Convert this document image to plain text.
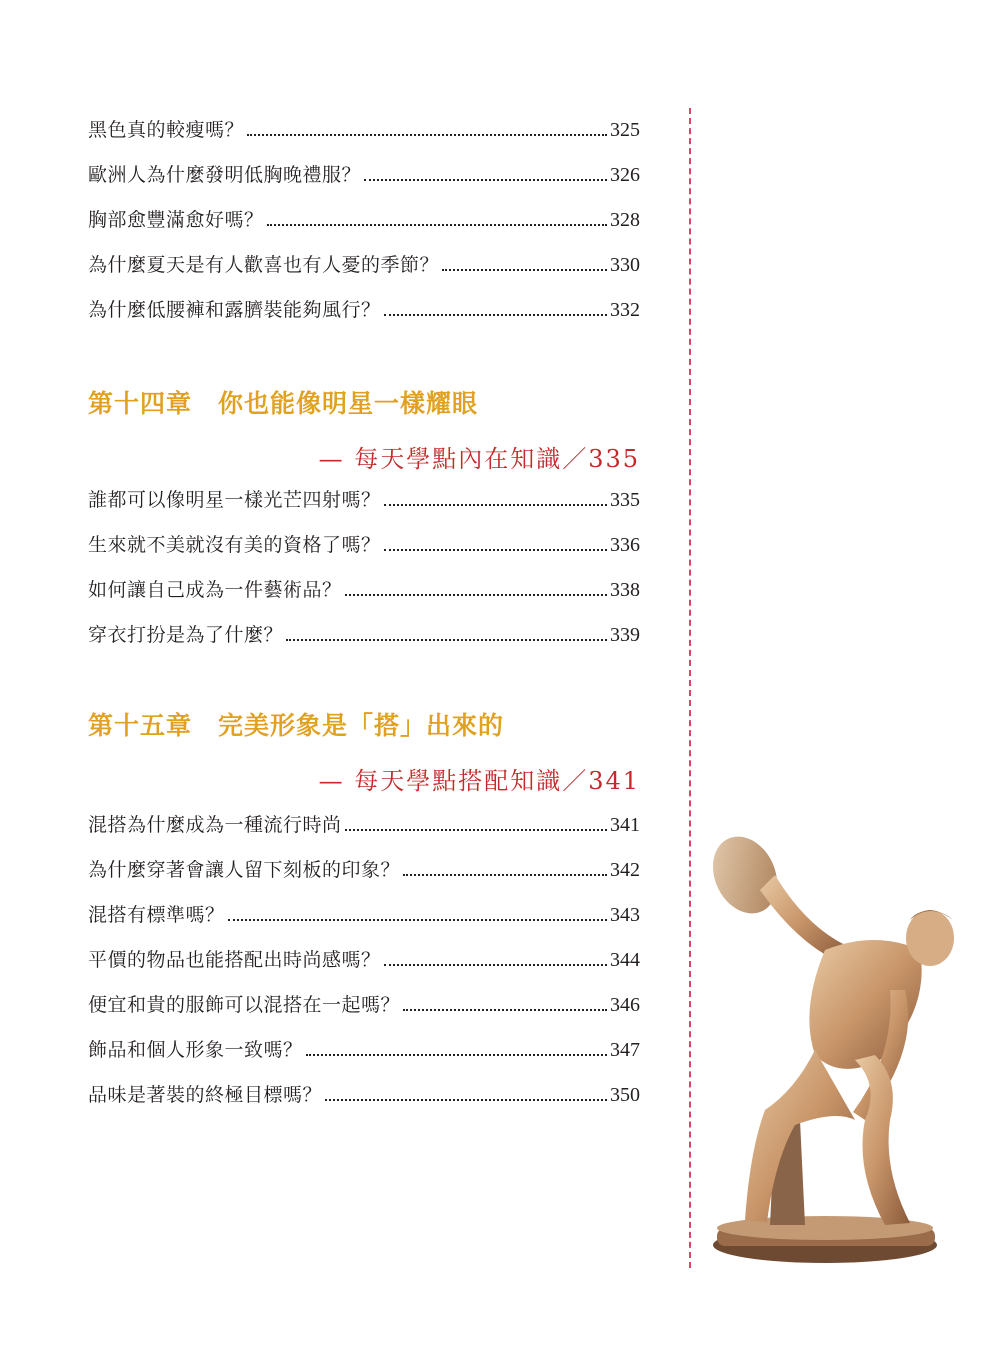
黑色真的較瘦嗎？	325
歐洲人為什麼發明低胸晚禮服？	326
胸部愈豐滿愈好嗎？	328
為什麼夏天是有人歡喜也有人憂的季節？	330
為什麼低腰褲和露臍裝能夠風行？	332
第十四章　你也能像明星一樣耀眼
— 每天學點內在知識／335
誰都可以像明星一樣光芒四射嗎？	335
生來就不美就沒有美的資格了嗎？	336
如何讓自己成為一件藝術品？	338
穿衣打扮是為了什麼？	339
第十五章　完美形象是「搭」出來的
— 每天學點搭配知識／341
混搭為什麼成為一種流行時尚	341
為什麼穿著會讓人留下刻板的印象？	342
混搭有標準嗎？	343
平價的物品也能搭配出時尚感嗎？	344
便宜和貴的服飾可以混搭在一起嗎？	346
飾品和個人形象一致嗎？	347
品味是著裝的終極目標嗎？	350
